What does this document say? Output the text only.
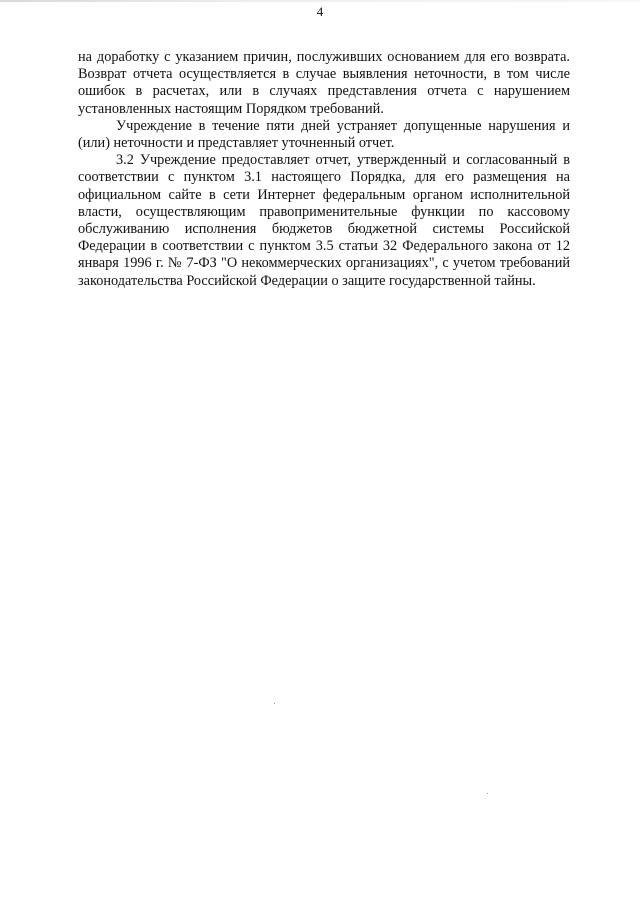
4

на доработку с указанием причин, послуживших основанием для его возврата. Возврат отчета осуществляется в случае выявления неточности, в том числе ошибок в расчетах, или в случаях представления отчета с нарушением установленных настоящим Порядком требований.

Учреждение в течение пяти дней устраняет допущенные нарушения и (или) неточности и представляет уточненный отчет.

3.2 Учреждение предоставляет отчет, утвержденный и согласованный в соответствии с пунктом 3.1 настоящего Порядка, для его размещения на официальном сайте в сети Интернет федеральным органом исполнительной власти, осуществляющим правоприменительные функции по кассовому обслуживанию исполнения бюджетов бюджетной системы Российской Федерации в соответствии с пунктом 3.5 статьи 32 Федерального закона от 12 января 1996 г. № 7-ФЗ "О некоммерческих организациях", с учетом требований законодательства Российской Федерации о защите государственной тайны.
